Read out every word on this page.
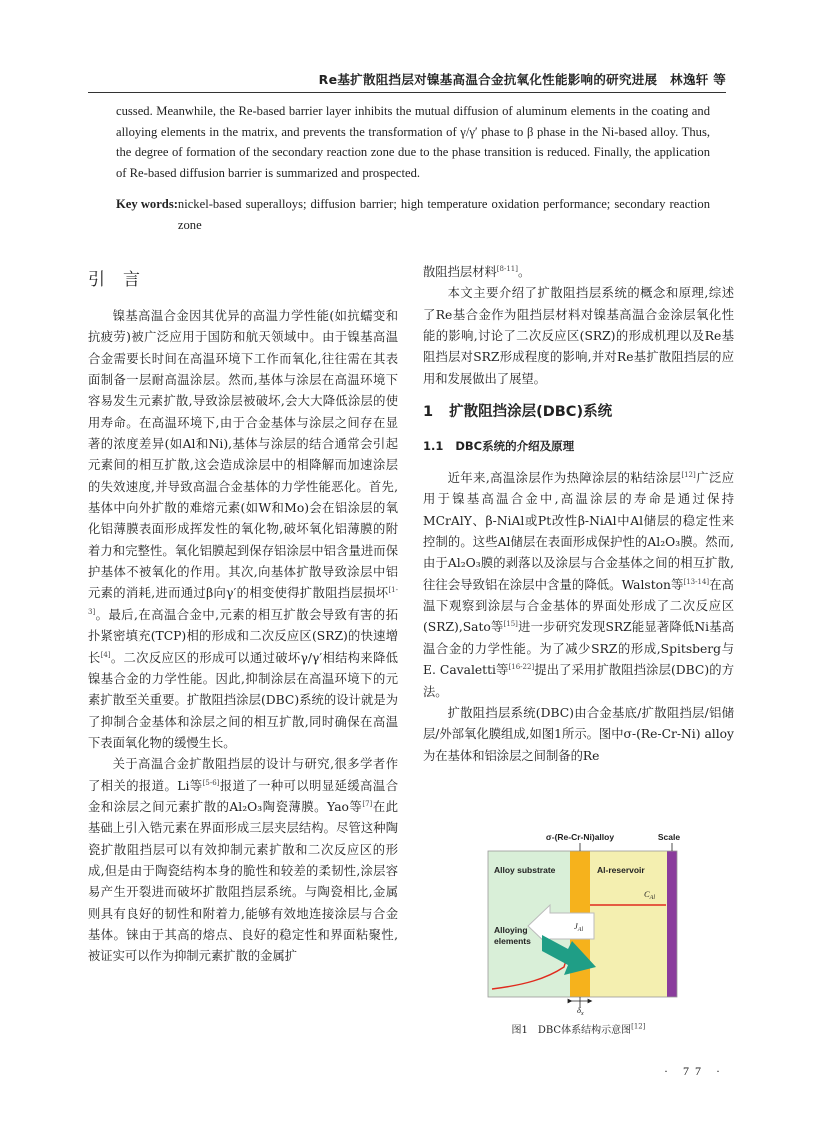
Re基扩散阻挡层对镍基高温合金抗氧化性能影响的研究进展　林逸轩 等
cussed. Meanwhile, the Re-based barrier layer inhibits the mutual diffusion of aluminum elements in the coating and alloying elements in the matrix, and prevents the transformation of γ/γ′ phase to β phase in the Ni-based alloy. Thus, the degree of formation of the secondary reaction zone due to the phase transition is reduced. Finally, the application of Re-based diffusion barrier is summarized and prospected.
Key words: nickel-based superalloys; diffusion barrier; high temperature oxidation performance; secondary reaction zone
引言

镍基高温合金因其优异的高温力学性能(如抗蠕变和抗疲劳)被广泛应用于国防和航天领域中。由于镍基高温合金需要长时间在高温环境下工作而氧化,往往需在其表面制备一层耐高温涂层。然而,基体与涂层在高温环境下容易发生元素扩散,导致涂层被破坏,会大大降低涂层的使用寿命。在高温环境下,由于合金基体与涂层之间存在显著的浓度差异(如Al和Ni),基体与涂层的结合通常会引起元素间的相互扩散,这会造成涂层中的相降解而加速涂层的失效速度,并导致高温合金基体的力学性能恶化。首先,基体中向外扩散的难熔元素(如W和Mo)会在铝涂层的氧化铝薄膜表面形成挥发性的氧化物,破坏氧化铝薄膜的附着力和完整性。氧化铝膜起到保存铝涂层中铝含量进而保护基体不被氧化的作用。其次,向基体扩散导致涂层中铝元素的消耗,进而通过β向γ′的相变使得扩散阻挡层损坏[1-3]。最后,在高温合金中,元素的相互扩散会导致有害的拓扑紧密填充(TCP)相的形成和二次反应区(SRZ)的快速增长[4]。二次反应区的形成可以通过破坏γ/γ′相结构来降低镍基合金的力学性能。因此,抑制涂层在高温环境下的元素扩散至关重要。扩散阻挡涂层(DBC)系统的设计就是为了抑制合金基体和涂层之间的相互扩散,同时确保在高温下表面氧化物的缓慢生长。

关于高温合金扩散阻挡层的设计与研究,很多学者作了相关的报道。Li等[5-6]报道了一种可以明显延缓高温合金和涂层之间元素扩散的Al₂O₃陶瓷薄膜。Yao等[7]在此基础上引入锆元素在界面形成三层夹层结构。尽管这种陶瓷扩散阻挡层可以有效抑制元素扩散和二次反应区的形成,但是由于陶瓷结构本身的脆性和较差的柔韧性,涂层容易产生开裂进而破坏扩散阻挡层系统。与陶瓷相比,金属则具有良好的韧性和附着力,能够有效地连接涂层与合金基体。铼由于其高的熔点、良好的稳定性和界面粘聚性,被证实可以作为抑制元素扩散的金属扩

散阻挡层材料[8-11]。

本文主要介绍了扩散阻挡层系统的概念和原理,综述了Re基合金作为阻挡层材料对镍基高温合金涂层氧化性能的影响,讨论了二次反应区(SRZ)的形成机理以及Re基阻挡层对SRZ形成程度的影响,并对Re基扩散阻挡层的应用和发展做出了展望。

1 扩散阻挡涂层(DBC)系统
1.1 DBC系统的介绍及原理

近年来,高温涂层作为热障涂层的粘结涂层[12]广泛应用于镍基高温合金中,高温涂层的寿命是通过保持MCrAlY、β-NiAl或Pt改性β-NiAl中Al储层的稳定性来控制的。这些Al储层在表面形成保护性的Al₂O₃膜。然而,由于Al₂O₃膜的剥落以及涂层与合金基体之间的相互扩散,往往会导致铝在涂层中含量的降低。Walston等[13-14]在高温下观察到涂层与合金基体的界面处形成了二次反应区(SRZ),Sato等[15]进一步研究发现SRZ能显著降低Ni基高温合金的力学性能。为了减少SRZ的形成,Spitsberg与E. Cavaletti等[16-22]提出了采用扩散阻挡涂层(DBC)的方法。

扩散阻挡层系统(DBC)由合金基底/扩散阻挡层/铝储层/外部氧化膜组成,如图1所示。图中σ-(Re-Cr-Ni) alloy为在基体和铝涂层之间制备的Re

σ-(Re-Cr-Ni)alloy	Scale
Alloy substrate	Al-reservoir
$C_{Al}$
$J_{Al}$
Alloying elements
$\delta_x$
图1　DBC体系结构示意图[12]
· 77 ·
